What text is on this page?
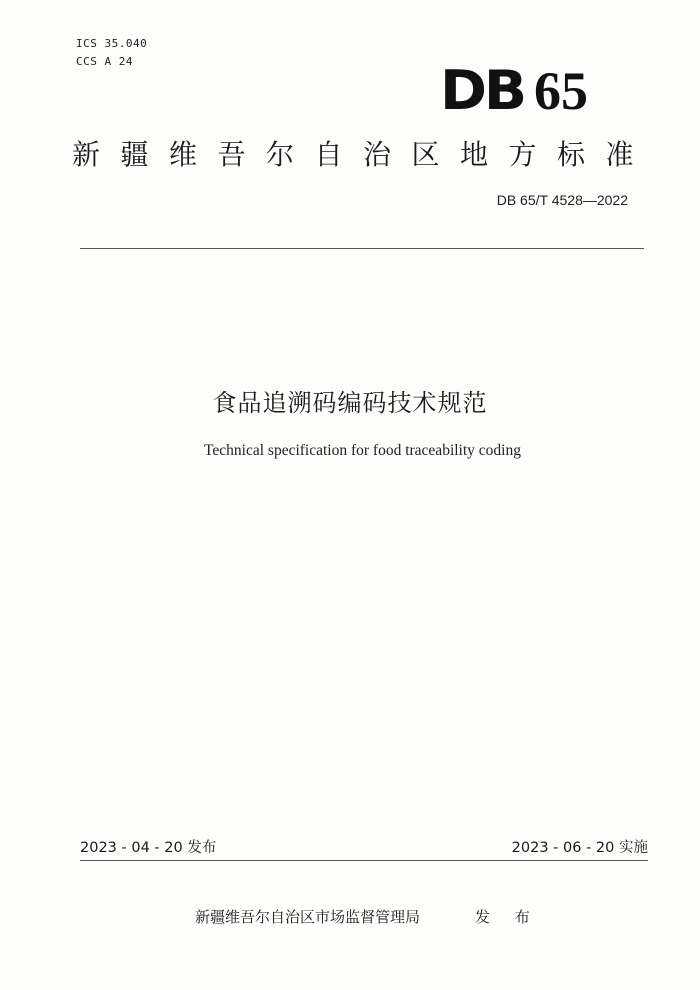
ICS 35.040
CCS A 24	DB 65
新疆维吾尔自治区地方标准
DB 65/T 4528—2022
食品追溯码编码技术规范
Technical specification for food traceability coding
2023 - 04 - 20 发布	2023 - 06 - 20 实施
新疆维吾尔自治区市场监督管理局	发 布
